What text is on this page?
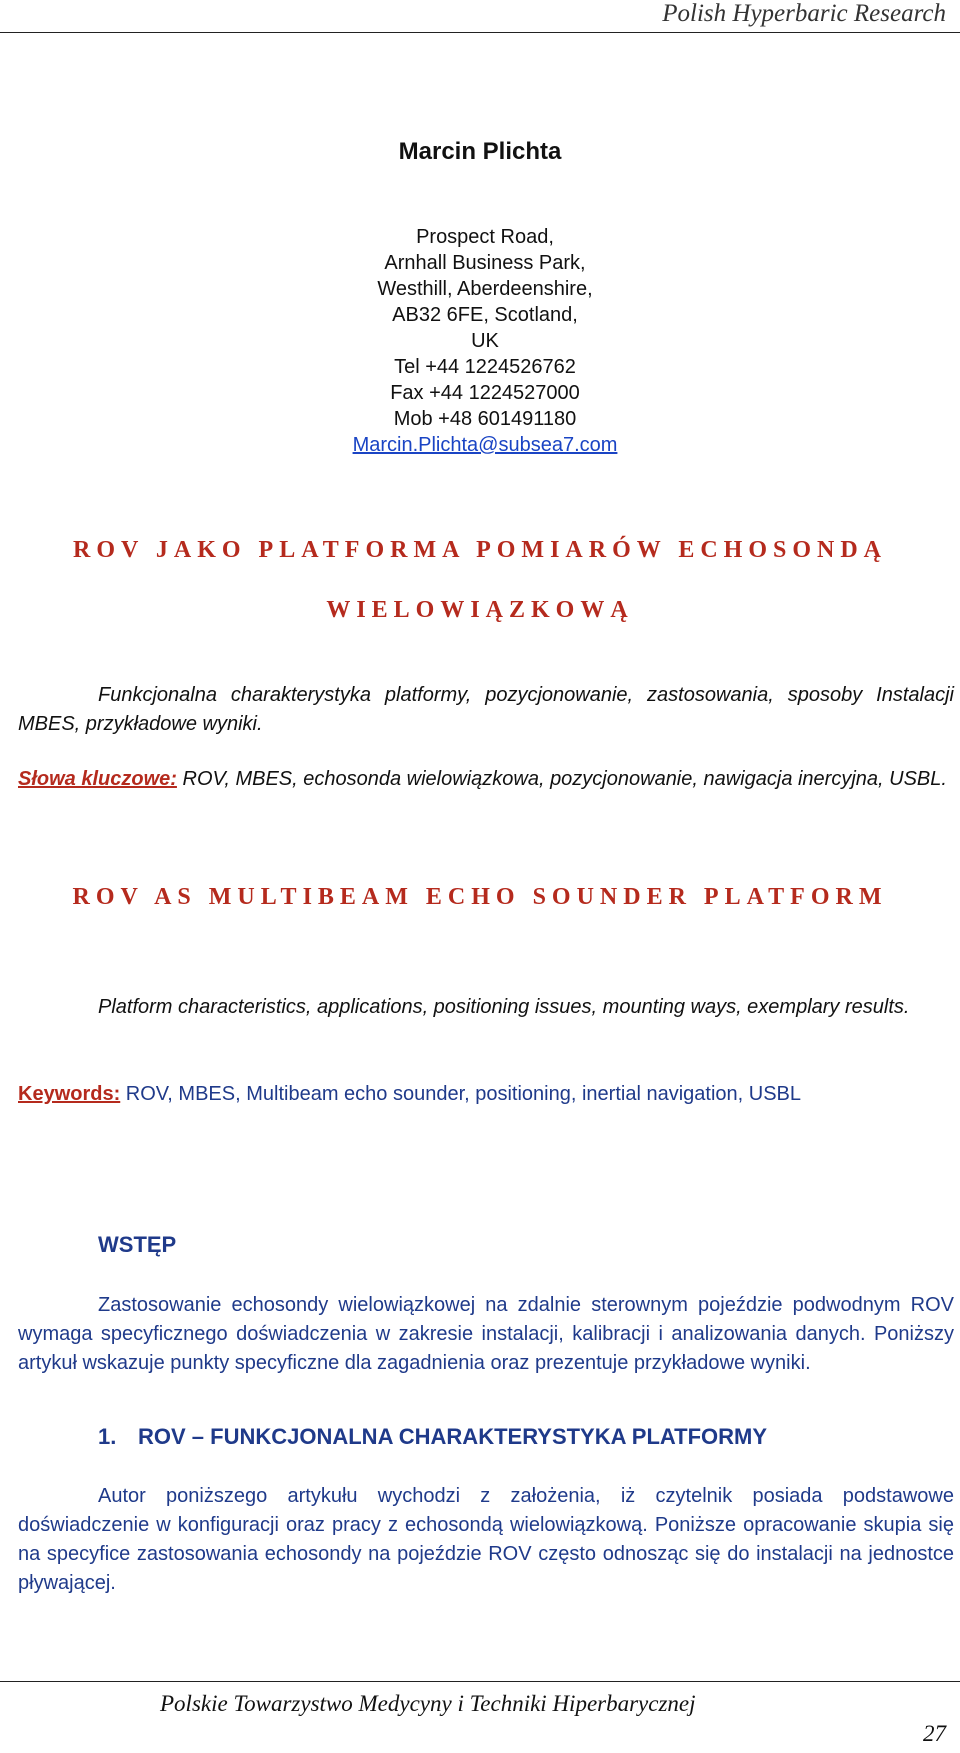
Polish Hyperbaric Research
Marcin Plichta
Prospect Road,
Arnhall Business Park,
Westhill, Aberdeenshire,
AB32 6FE, Scotland,
UK
Tel +44 1224526762
Fax +44 1224527000
Mob +48 601491180
Marcin.Plichta@subsea7.com
ROV JAKO PLATFORMA POMIARÓW ECHOSONDĄ
WIELOWIĄZKOWĄ
Funkcjonalna charakterystyka platformy, pozycjonowanie, zastosowania, sposoby Instalacji MBES, przykładowe wyniki.
Słowa kluczowe: ROV, MBES, echosonda wielowiązkowa, pozycjonowanie, nawigacja inercyjna, USBL.
ROV AS MULTIBEAM ECHO SOUNDER PLATFORM
Platform characteristics, applications, positioning issues, mounting ways, exemplary results.
Keywords: ROV, MBES, Multibeam echo sounder, positioning, inertial navigation, USBL
WSTĘP
Zastosowanie echosondy wielowiązkowej na zdalnie sterownym pojeździe podwodnym ROV wymaga specyficznego doświadczenia w zakresie instalacji, kalibracji i analizowania danych. Poniższy artykuł wskazuje punkty specyficzne dla zagadnienia oraz prezentuje przykładowe wyniki.
1. ROV – FUNKCJONALNA CHARAKTERYSTYKA PLATFORMY
Autor poniższego artykułu wychodzi z założenia, iż czytelnik posiada podstawowe doświadczenie w konfiguracji oraz pracy z echosondą wielowiązkową. Poniższe opracowanie skupia się na specyfice zastosowania echosondy na pojeździe ROV często odnosząc się do instalacji na jednostce pływającej.
Polskie Towarzystwo Medycyny i Techniki Hiperbarycznej
27
